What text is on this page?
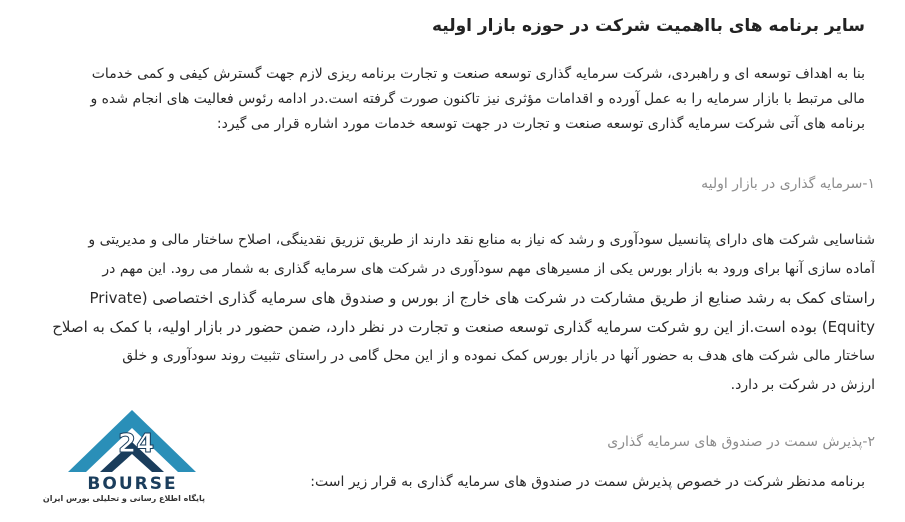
سایر برنامه های بااهمیت شرکت در حوزه بازار اولیه
بنا به اهداف توسعه ای و راهبردی، شرکت سرمایه گذاری توسعه صنعت و تجارت برنامه ریزی لازم جهت گسترش کیفی و کمی خدمات
مالی مرتبط با بازار سرمایه را به عمل آورده و اقدامات مؤثری نیز تاکنون صورت گرفته است.در ادامه رئوس فعالیت های انجام شده و
برنامه های آتی شرکت سرمایه گذاری توسعه صنعت و تجارت در جهت توسعه خدمات مورد اشاره قرار می گیرد:
۱-سرمایه گذاری در بازار اولیه
شناسایی شرکت های دارای پتانسیل سودآوری و رشد که نیاز به منابع نقد دارند از طریق تزریق نقدینگی، اصلاح ساختار مالی و مدیریتی و
آماده سازی آنها برای ورود به بازار بورس یکی از مسیرهای مهم سودآوری در شرکت های سرمایه گذاری به شمار می رود. این مهم در
راستای کمک به رشد صنایع از طریق مشارکت در شرکت های خارج از بورس و صندوق های سرمایه گذاری اختصاصی (Private
Equity) بوده است.از این رو شرکت سرمایه گذاری توسعه صنعت و تجارت در نظر دارد، ضمن حضور در بازار اولیه، با کمک به اصلاح
ساختار مالی شرکت های هدف به حضور آنها در بازار بورس کمک نموده و از این محل گامی در راستای تثبیت روند سودآوری و خلق
ارزش در شرکت بر دارد.
۲-پذیرش سمت در صندوق های سرمایه گذاری
برنامه مدنظر شرکت در خصوص پذیرش سمت در صندوق های سرمایه گذاری به قرار زیر است:
24
BOURSE
پایگاه اطلاع رسانی و تحلیلی بورس ایران
